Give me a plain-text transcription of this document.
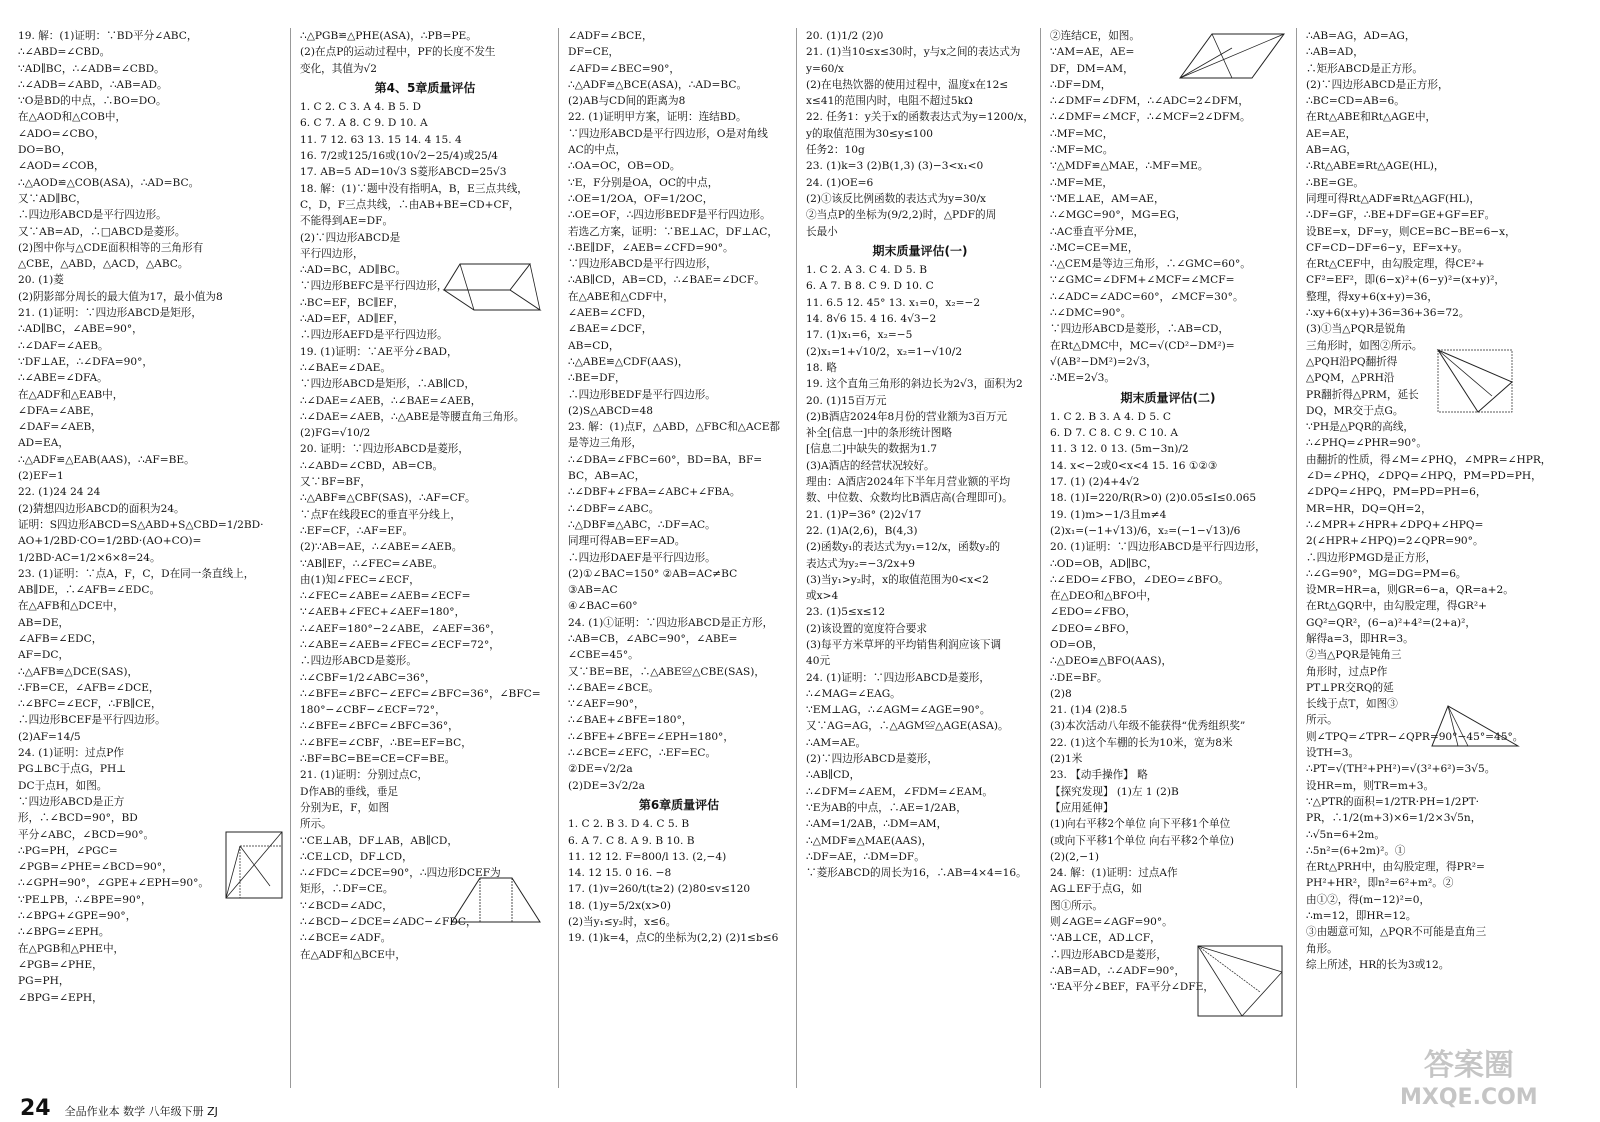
19. 解：(1)证明：∵BD平分∠ABC，
∴∠ABD=∠CBD。
∵AD∥BC，∴∠ADB=∠CBD。
∴∠ADB=∠ABD，∴AB=AD。
∵O是BD的中点，∴BO=DO。
在△AOD和△COB中，
∠ADO=∠CBO，
DO=BO，
∠AOD=∠COB，
∴△AOD≌△COB(ASA)，∴AD=BC。
又∵AD∥BC，
∴四边形ABCD是平行四边形。
又∵AB=AD，∴□ABCD是菱形。
(2)图中你与△CDE面积相等的三角形有
△CBE，△ABD，△ACD，△ABC。
20. (1)菱
(2)阴影部分周长的最大值为17，最小值为8
21. (1)证明：∵四边形ABCD是矩形，
∴AD∥BC，∠ABE=90°，
∴∠DAF=∠AEB。
∵DF⊥AE，∴∠DFA=90°，
∴∠ABE=∠DFA。
在△ADF和△EAB中，
∠DFA=∠ABE，
∠DAF=∠AEB，
AD=EA，
∴△ADF≌△EAB(AAS)，∴AF=BE。
(2)EF=1
22. (1)24 24 24
(2)猜想四边形ABCD的面积为24。
证明：S四边形ABCD=S△ABD+S△CBD=1/2BD·
AO+1/2BD·CO=1/2BD·(AO+CO)=
1/2BD·AC=1/2×6×8=24。
23. (1)证明：∵点A，F，C，D在同一条直线上，
AB∥DE，∴∠AFB=∠EDC。
在△AFB和△DCE中，
AB=DE，
∠AFB=∠EDC，
AF=DC，
∴△AFB≌△DCE(SAS)，
∴FB=CE，∠AFB=∠DCE，
∴∠BFC=∠ECF，∴FB∥CE，
∴四边形BCEF是平行四边形。
(2)AF=14/5
24. (1)证明：过点P作
PG⊥BC于点G，PH⊥
DC于点H，如图。
∵四边形ABCD是正方
形，∴∠BCD=90°，BD
平分∠ABC，∠BCD=90°。
∴PG=PH，∠PGC=
∠PGB=∠PHE=∠BCD=90°，
∴∠GPH=90°，∠GPE+∠EPH=90°。
∵PE⊥PB，∴∠BPE=90°，
∴∠BPG+∠GPE=90°，
∴∠BPG=∠EPH。
在△PGB和△PHE中，
∠PGB=∠PHE，
PG=PH，
∠BPG=∠EPH，
∴△PGB≌△PHE(ASA)，∴PB=PE。
(2)在点P的运动过程中，PF的长度不发生
变化，其值为√2
第4、5章质量评估
1. C 2. C 3. A 4. B 5. D
6. C 7. A 8. C 9. D 10. A
11. 7 12. 63 13. 15 14. 4 15. 4
16. 7/2或125/16或(10√2−25/4)或25/4
17. AB=5 AD=10√3 S菱形ABCD=25√3
18. 解：(1)∵题中没有指明A，B，E三点共线，
C，D，F三点共线，∴由AB+BE=CD+CF，
不能得到AE=DF。
(2)∵四边形ABCD是
平行四边形，
∴AD=BC，AD∥BC。
∵四边形BEFC是平行四边形，
∴BC=EF，BC∥EF，
∴AD=EF，AD∥EF，
∴四边形AEFD是平行四边形。
19. (1)证明：∵AE平分∠BAD，
∴∠BAE=∠DAE。
∵四边形ABCD是矩形，∴AB∥CD，
∴∠DAE=∠AEB，∴∠BAE=∠AEB，
∴∠DAE=∠AEB，∴△ABE是等腰直角三角形。
(2)FG=√10/2
20. 证明：∵四边形ABCD是菱形，
∴∠ABD=∠CBD，AB=CB。
又∵BF=BF，
∴△ABF≌△CBF(SAS)，∴AF=CF。
∵点F在线段EC的垂直平分线上，
∴EF=CF，∴AF=EF。
(2)∵AB=AE，∴∠ABE=∠AEB。
∵AB∥EF，∴∠FEC=∠ABE。
由(1)知∠FEC=∠ECF，
∴∠FEC=∠ABE=∠AEB=∠ECF=
∵∠AEB+∠FEC+∠AEF=180°，
∴∠AEF=180°−2∠ABE，∠AEF=36°，
∴∠ABE=∠AEB=∠FEC=∠ECF=72°，
∴四边形ABCD是菱形。
∴∠CBF=1/2∠ABC=36°，
∴∠BFE=∠BFC−∠EFC=∠BFC=36°，∠BFC=
180°−∠CBF−∠ECF=72°，
∴∠BFE=∠BFC=∠BFC=36°，
∴∠BFE=∠CBF，∴BE=EF=BC，
∴BF=BC=BE=CE=CF=BE。
21. (1)证明：分别过点C，
D作AB的垂线，垂足
分别为E，F，如图
所示。
∵CE⊥AB，DF⊥AB，AB∥CD，
∴CE⊥CD，DF⊥CD，
∴∠FDC=∠DCE=90°，∴四边形DCEF为
矩形，∴DF=CE。
∵∠BCD=∠ADC，
∴∠BCD−∠DCE=∠ADC−∠FDC，
∴∠BCE=∠ADF。
在△ADF和△BCE中，
∠ADF=∠BCE，
DF=CE，
∠AFD=∠BEC=90°，
∴△ADF≌△BCE(ASA)，∴AD=BC。
(2)AB与CD间的距离为8
22. (1)证明甲方案，证明：连结BD。
∵四边形ABCD是平行四边形，O是对角线
AC的中点，
∴OA=OC，OB=OD。
∵E，F分别是OA，OC的中点，
∴OE=1/2OA，OF=1/2OC，
∴OE=OF，∴四边形BEDF是平行四边形。
若选乙方案，证明：∵BE⊥AC，DF⊥AC，
∴BE∥DF，∠AEB=∠CFD=90°。
∵四边形ABCD是平行四边形，
∴AB∥CD，AB=CD，∴∠BAE=∠DCF。
在△ABE和△CDF中，
∠AEB=∠CFD，
∠BAE=∠DCF，
AB=CD，
∴△ABE≌△CDF(AAS)，
∴BE=DF，
∴四边形BEDF是平行四边形。
(2)S△ABCD=48
23. 解：(1)点F，△ABD，△FBC和△ACE都
是等边三角形，
∴∠DBA=∠FBC=60°，BD=BA，BF=
BC，AB=AC，
∴∠DBF+∠FBA=∠ABC+∠FBA。
∴∠DBF=∠ABC。
∴△DBF≌△ABC，∴DF=AC。
同理可得AB=EF=AD。
∴四边形DAEF是平行四边形。
(2)①∠BAC=150° ②AB=AC≠BC
③AB=AC
④∠BAC=60°
24. (1)①证明：∵四边形ABCD是正方形，
∴AB=CB，∠ABC=90°，∠ABE=
∠CBE=45°。
又∵BE=BE，∴△ABE≌△CBE(SAS)，
∴∠BAE=∠BCE。
∵∠AEF=90°，
∴∠BAE+∠BFE=180°，
∴∠BFE+∠BFE=∠EPH=180°，
∴∠BCE=∠EFC，∴EF=EC。
②DE=√2/2a
(2)DE=3√2/2a
第6章质量评估
1. C 2. B 3. D 4. C 5. B
6. A 7. C 8. A 9. B 10. B
11. 12 12. F=800/l 13. (2,−4)
14. 12 15. 0 16. −8
17. (1)v=260/t(t≥2) (2)80≤v≤120
18. (1)y=5/2x(x>0)
(2)当y₁≤y₂时，x≤6。
19. (1)k=4，点C的坐标为(2,2) (2)1≤b≤6
20. (1)1/2 (2)0
21. (1)当10≤x≤30时，y与x之间的表达式为
y=60/x
(2)在电热饮器的使用过程中，温度x在12≤
x≤41的范围内时，电阻不超过5kΩ
22. 任务1：y关于x的函数表达式为y=1200/x，
y的取值范围为30≤y≤100
任务2：10g
23. (1)k=3 (2)B(1,3) (3)−3<x₁<0
24. (1)OE=6
(2)①该反比例函数的表达式为y=30/x
②当点P的坐标为(9/2,2)时，△PDF的周
长最小
期末质量评估(一)
1. C 2. A 3. C 4. D 5. B
6. A 7. B 8. C 9. D 10. C
11. 6.5 12. 45° 13. x₁=0，x₂=−2
14. 8√6 15. 4 16. 4√3−2
17. (1)x₁=6，x₂=−5
(2)x₁=1+√10/2，x₂=1−√10/2
18. 略
19. 这个直角三角形的斜边长为2√3，面积为2
20. (1)15百万元
(2)B酒店2024年8月份的营业额为3百万元
补全[信息一]中的条形统计图略
[信息二]中缺失的数据为1.7
(3)A酒店的经营状况较好。
理由：A酒店2024年下半年月营业额的平均
数、中位数、众数均比B酒店高(合理即可)。
21. (1)P=36° (2)2√17
22. (1)A(2,6)，B(4,3)
(2)函数y₁的表达式为y₁=12/x，函数y₂的
表达式为y₂=−3/2x+9
(3)当y₁>y₂时，x的取值范围为0<x<2
或x>4
23. (1)5≤x≤12
(2)该设置的宽度符合要求
(3)每平方米草坪的平均销售利润应该下调
40元
24. (1)证明：∵四边形ABCD是菱形，
∴∠MAG=∠EAG。
∵EM⊥AG，∴∠AGM=∠AGE=90°。
又∵AG=AG，∴△AGM≌△AGE(ASA)。
∴AM=AE。
(2)∵四边形ABCD是菱形，
∴AB∥CD，
∴∠DFM=∠AEM，∠FDM=∠EAM。
∵E为AB的中点，∴AE=1/2AB，
∴AM=1/2AB，∴DM=AM，
∴△MDF≌△MAE(AAS)，
∴DF=AE，∴DM=DF。
∵菱形ABCD的周长为16，∴AB=4×4=16。
②连结CE，如图。
∵AM=AE，AE=
DF，DM=AM，
∴DF=DM，
∴∠DMF=∠DFM，∴∠ADC=2∠DFM，
∴∠DMF=∠MCF，∴∠MCF=2∠DFM。
∴MF=MC，
∴MF=MC。
∵△MDF≌△MAE，∴MF=ME。
∴MF=ME，
∵ME⊥AE，AM=AE，
∴∠MGC=90°，MG=EG，
∴AC垂直平分ME，
∴MC=CE=ME，
∴△CEM是等边三角形，∴∠GMC=60°。
∵∠GMC=∠DFM+∠MCF=∠MCF=
∴∠ADC=∠ADC=60°，∠MCF=30°。
∴∠DMC=90°。
∵四边形ABCD是菱形，∴AB=CD，
在Rt△DMC中，MC=√(CD²−DM²)=
√(AB²−DM²)=2√3，
∴ME=2√3。
期末质量评估(二)
1. C 2. B 3. A 4. D 5. C
6. D 7. C 8. C 9. C 10. A
11. 3 12. 0 13. (5m−3n)/2
14. x<−2或0<x<4 15. 16 ①②③
17. (1) (2)4+4√2
18. (1)I=220/R(R>0) (2)0.05≤I≤0.065
19. (1)m>−1/3且m≠4
(2)x₁=(−1+√13)/6，x₂=(−1−√13)/6
20. (1)证明：∵四边形ABCD是平行四边形，
∴OD=OB，AD∥BC，
∴∠EDO=∠FBO，∠DEO=∠BFO。
在△DEO和△BFO中，
∠EDO=∠FBO，
∠DEO=∠BFO，
OD=OB，
∴△DEO≌△BFO(AAS)，
∴DE=BF。
(2)8
21. (1)4 (2)8.5
(3)本次活动八年级不能获得“优秀组织奖”
22. (1)这个车棚的长为10米，宽为8米
(2)1米
23. 【动手操作】 略
【探究发现】 (1)左 1 (2)B
【应用延伸】
(1)向右平移2个单位 向下平移1个单位
(或向下平移1个单位 向右平移2个单位)
(2)(2,−1)
24. 解：(1)证明：过点A作
AG⊥EF于点G，如
图①所示。
则∠AGE=∠AGF=90°。
∵AB⊥CE，AD⊥CF，
∴四边形ABCD是菱形，
∴AB=AD，∴∠ADF=90°，
∵EA平分∠BEF，FA平分∠DFE，
∴AB=AG，AD=AG，
∴AB=AD，
∴矩形ABCD是正方形。
(2)∵四边形ABCD是正方形，
∴BC=CD=AB=6。
在Rt△ABE和Rt△AGE中，
AE=AE，
AB=AG，
∴Rt△ABE≌Rt△AGE(HL)，
∴BE=GE。
同理可得Rt△ADF≌Rt△AGF(HL)，
∴DF=GF，∴BE+DF=GE+GF=EF。
设BE=x，DF=y，则CE=BC−BE=6−x，
CF=CD−DF=6−y，EF=x+y。
在Rt△CEF中，由勾股定理，得CE²+
CF²=EF²，即(6−x)²+(6−y)²=(x+y)²，
整理，得xy+6(x+y)=36，
∴xy+6(x+y)+36=36+36=72。
(3)①当△PQR是锐角
三角形时，如图②所示。
△PQH沿PQ翻折得
△PQM，△PRH沿
PR翻折得△PRM，延长
DQ，MR交于点G。
∵PH是△PQR的高线，
∴∠PHQ=∠PHR=90°。
由翻折的性质，得∠M=∠PHQ，∠MPR=∠HPR，
∠D=∠PHQ，∠DPQ=∠HPQ，PM=PD=PH，
∠DPQ=∠HPQ，PM=PD=PH=6，
MR=HR，DQ=QH=2，
∴∠MPR+∠HPR+∠DPQ+∠HPQ=
2(∠HPR+∠HPQ)=2∠QPR=90°。
∴四边形PMGD是正方形，
∴∠G=90°，MG=DG=PM=6。
设MR=HR=a，则GR=6−a，QR=a+2。
在Rt△GQR中，由勾股定理，得GR²+
GQ²=QR²，(6−a)²+4²=(2+a)²，
解得a=3，即HR=3。
②当△PQR是钝角三
角形时，过点P作
PT⊥PR交RQ的延
长线于点T，如图③
所示。
则∠TPQ=∠TPR−∠QPR=90°−45°=45°。
设TH=3。
∴PT=√(TH²+PH²)=√(3²+6²)=3√5。
设HR=m，则TR=m+3。
∵△PTR的面积=1/2TR·PH=1/2PT·
PR，∴1/2(m+3)×6=1/2×3√5n，
∴√5n=6+2m。
∴5n²=(6+2m)²。①
在Rt△PRH中，由勾股定理，得PR²=
PH²+HR²，即n²=6²+m²。②
由①②，得(m−12)²=0，
∴m=12，即HR=12。
③由题意可知，△PQR不可能是直角三
角形。
综上所述，HR的长为3或12。
24 全品作业本 数学 八年级下册 ZJ
答案圈
MXQE.COM
